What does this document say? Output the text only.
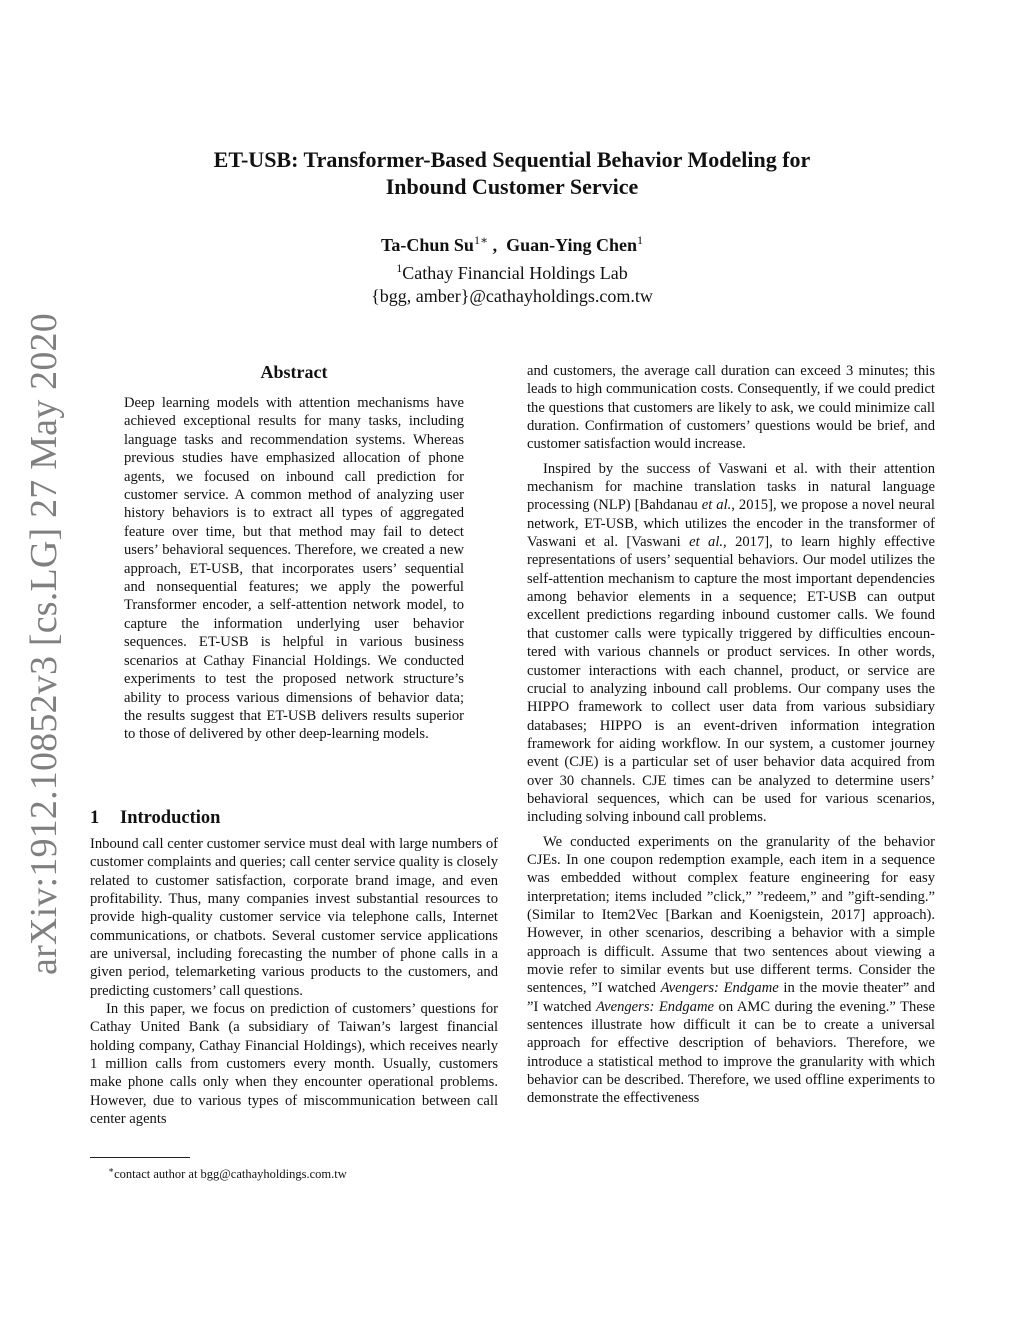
arXiv:1912.10852v3 [cs.LG] 27 May 2020
ET-USB: Transformer-Based Sequential Behavior Modeling for
Inbound Customer Service
Ta-Chun $Su^{1∗}$ ,  Guan-Ying Chen$^1$
$^1$Cathay Financial Holdings Lab
{bgg, amber}@cathayholdings.com.tw
Abstract
Deep learning models with attention mechanisms have achieved exceptional results for many tasks, including language tasks and recommendation systems. Whereas previous studies have emphasized allocation of phone agents, we focused on inbound call prediction for customer service. A common method of analyzing user history behaviors is to extract all types of aggregated feature over time, but that method may fail to detect users’ behavioral sequences. Therefore, we created a new approach, ET-USB, that incorporates users’ sequential and nonsequential features; we apply the powerful Transformer encoder, a self-attention network model, to capture the information underlying user behavior sequences. ET-USB is helpful in various business scenarios at Cathay Financial Holdings. We conducted experiments to test the proposed network structure’s ability to process various dimensions of behavior data; the results suggest that ET-USB delivers results superior to those of delivered by other deep-learning models.
1 Introduction

Inbound call center customer service must deal with large numbers of customer complaints and queries; call center service quality is closely related to customer satisfaction, corporate brand image, and even profitability. Thus, many companies invest substantial resources to provide high-quality customer service via telephone calls, Internet communications, or chatbots. Several customer service applications are universal, including forecasting the number of phone calls in a given period, telemarketing various products to the customers, and predicting customers’ call questions.

In this paper, we focus on prediction of customers’ questions for Cathay United Bank (a subsidiary of Taiwan’s largest financial holding company, Cathay Financial Holdings), which receives nearly 1 million calls from customers every month. Usually, customers make phone calls only when they encounter operational problems. However, due to various types of miscommunication between call center agents

and customers, the average call duration can exceed 3 minutes; this leads to high communication costs. Consequently, if we could predict the questions that customers are likely to ask, we could minimize call duration. Confirmation of customers’ questions would be brief, and customer satisfaction would increase.

Inspired by the success of Vaswani et al. with their attention mechanism for machine translation tasks in natural language processing (NLP) [Bahdanau et al., 2015], we propose a novel neural network, ET-USB, which utilizes the encoder in the transformer of Vaswani et al. [Vaswani et al., 2017], to learn highly effective representations of users’ sequential behaviors. Our model utilizes the self-attention mechanism to capture the most important dependencies among behavior elements in a sequence; ET-USB can output excellent predictions regarding inbound customer calls. We found that customer calls were typically triggered by difficulties encountered with various channels or product services. In other words, customer interactions with each channel, product, or service are crucial to analyzing inbound call problems. Our company uses the HIPPO framework to collect user data from various subsidiary databases; HIPPO is an event-driven information integration framework for aiding workflow. In our system, a customer journey event (CJE) is a particular set of user behavior data acquired from over 30 channels. CJE times can be analyzed to determine users’ behavioral sequences, which can be used for various scenarios, including solving inbound call problems.

We conducted experiments on the granularity of the behavior CJEs. In one coupon redemption example, each item in a sequence was embedded without complex feature engineering for easy interpretation; items included ”click,” ”redeem,” and ”gift-sending.” (Similar to Item2Vec [Barkan and Koenigstein, 2017] approach). However, in other scenarios, describing a behavior with a simple approach is difficult. Assume that two sentences about viewing a movie refer to similar events but use different terms. Consider the sentences, ”I watched Avengers: Endgame in the movie theater” and ”I watched Avengers: Endgame on AMC during the evening.” These sentences illustrate how difficult it can be to create a universal approach for effective description of behaviors. Therefore, we introduce a statistical method to improve the granularity with which behavior can be described. Therefore, we used offline experiments to demonstrate the effectiveness

∗contact author at bgg@cathayholdings.com.tw
